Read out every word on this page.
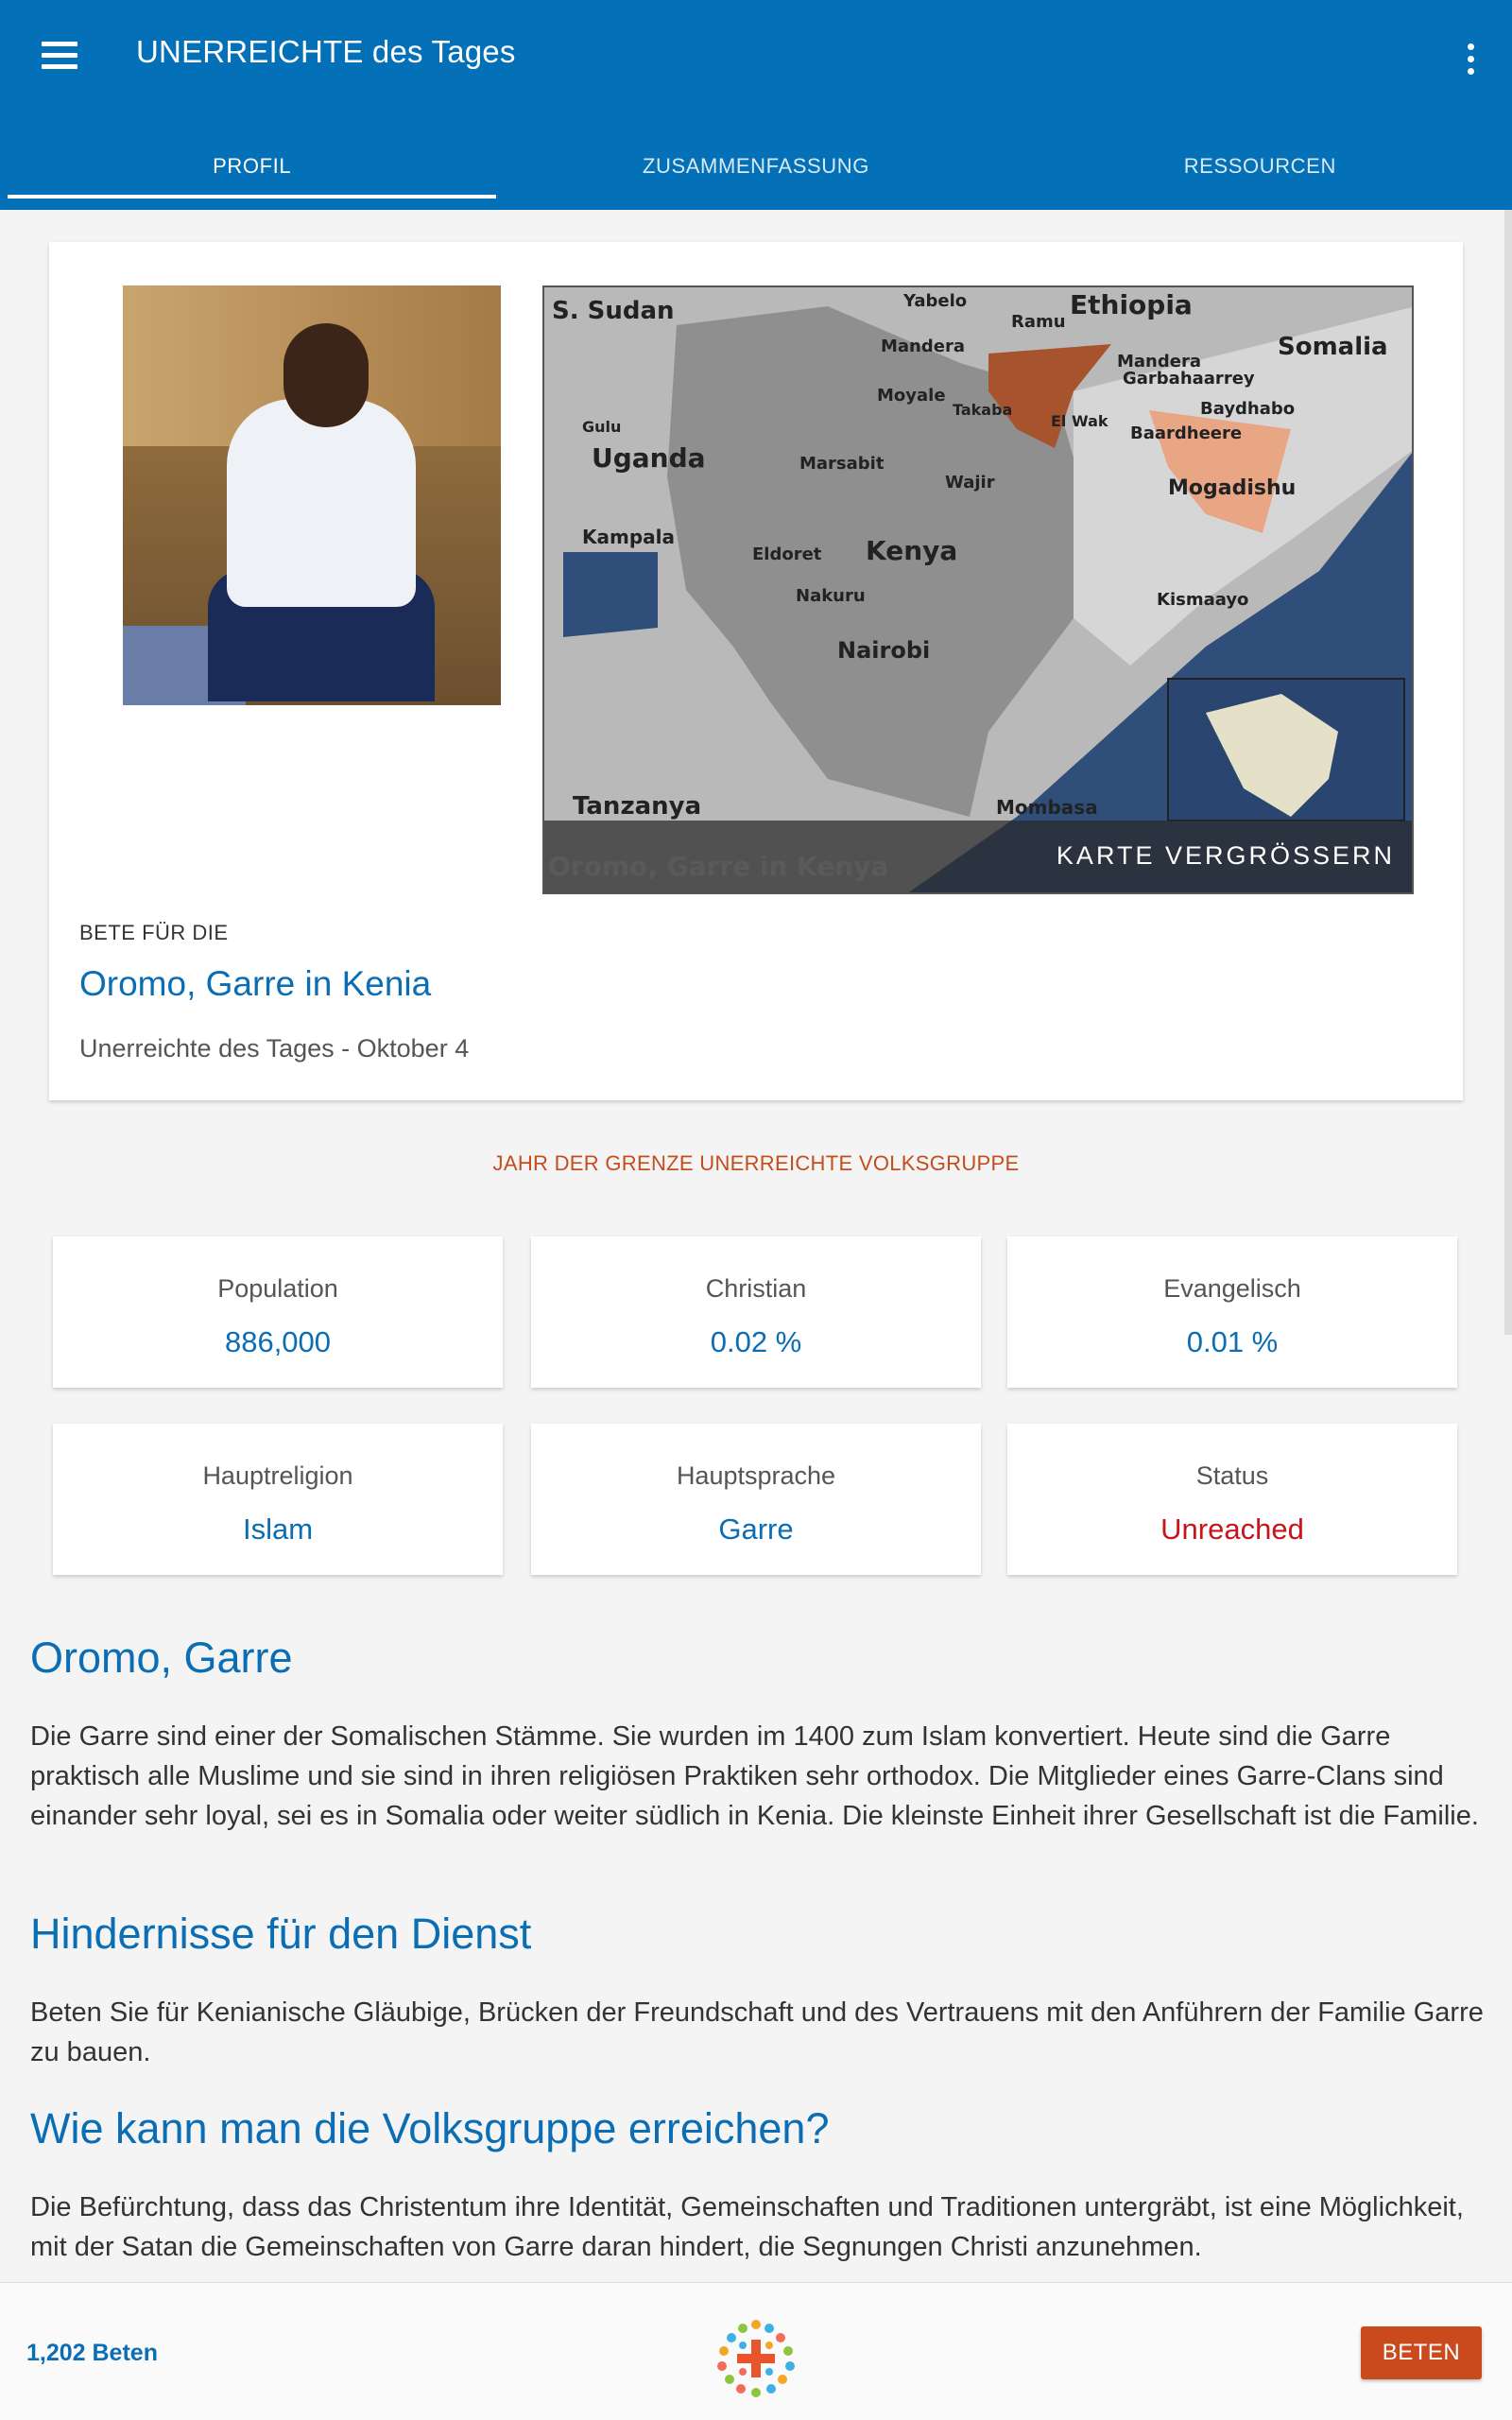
UNERREICHTE des Tages
PROFIL	ZUSAMMENFASSUNG	RESSOURCEN
S. Sudan	Ethiopia
Somalia
Uganda
Kenya
Tanzanya
Kampala
Nairobi
Mogadishu
Mombasa
Kismaayo
Gulu
Eldoret
Nakuru
Marsabit
Wajir
Moyale
Mandera
Takaba
El Wak
Yabelo
Ramu
Garbahaarrey
Baydhabo
Baardheere
Mandera
Oromo, Garre in Kenya	KARTE VERGRÖSSERN
BETE FÜR DIE
Oromo, Garre in Kenia
Unerreichte des Tages - Oktober 4
JAHR DER GRENZE UNERREICHTE VOLKSGRUPPE
Population
886,000
Christian
0.02 %
Evangelisch
0.01 %
Hauptreligion
Islam
Hauptsprache
Garre
Status
Unreached
Oromo, Garre
Die Garre sind einer der Somalischen Stämme. Sie wurden im 1400 zum Islam konvertiert. Heute sind die Garre praktisch alle Muslime und sie sind in ihren religiösen Praktiken sehr orthodox. Die Mitglieder eines Garre-Clans sind einander sehr loyal, sei es in Somalia oder weiter südlich in Kenia. Die kleinste Einheit ihrer Gesellschaft ist die Familie.
Hindernisse für den Dienst
Beten Sie für Kenianische Gläubige, Brücken der Freundschaft und des Vertrauens mit den Anführern der Familie Garre zu bauen.
Wie kann man die Volksgruppe erreichen?
Die Befürchtung, dass das Christentum ihre Identität, Gemeinschaften und Traditionen untergräbt, ist eine Möglichkeit, mit der Satan die Gemeinschaften von Garre daran hindert, die Segnungen Christi anzunehmen.
1,202 Beten	BETEN
